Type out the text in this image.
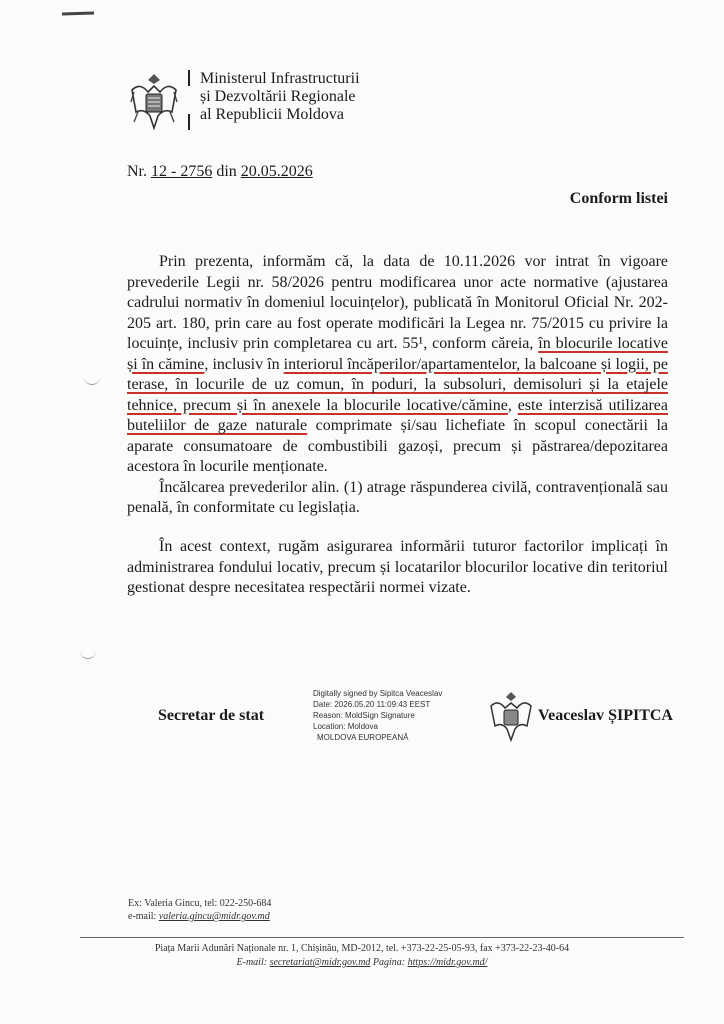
Ministerul Infrastructurii
și Dezvoltării Regionale
al Republicii Moldova
Nr. 12 - 2756 din 20.05.2026
Conform listei

Prin prezenta, informăm că, la data de 10.11.2026 vor intrat în vigoare prevederile Legii nr. 58/2026 pentru modificarea unor acte normative (ajustarea cadrului normativ în domeniul locuințelor), publicată în Monitorul Oficial Nr. 202-205 art. 180, prin care au fost operate modificări la Legea nr. 75/2015 cu privire la locuințe, inclusiv prin completarea cu art. 55¹, conform căreia, în blocurile locative și în cămine, inclusiv în interiorul încăperilor/apartamentelor, la balcoane și logii, pe terase, în locurile de uz comun, în poduri, la subsoluri, demisoluri și la etajele tehnice, precum și în anexele la blocurile locative/cămine, este interzisă utilizarea buteliilor de gaze naturale comprimate și/sau lichefiate în scopul conectării la aparate consumatoare de combustibili gazoși, precum și păstrarea/depozitarea acestora în locurile menționate.

Încălcarea prevederilor alin. (1) atrage răspunderea civilă, contravențională sau penală, în conformitate cu legislația.

În acest context, rugăm asigurarea informării tuturor factorilor implicați în administrarea fondului locativ, precum și locatarilor blocurilor locative din teritoriul gestionat despre necesitatea respectării normei vizate.

Secretar de stat
Digitally signed by Sipitca Veaceslav
Date: 2026.05.20 11:09:43 EEST
Reason: MoldSign Signature
Location: Moldova
MOLDOVA EUROPEANĂ
Veaceslav ȘIPITCA
Ex: Valeria Gincu, tel: 022-250-684
e-mail: valeria.gincu@midr.gov.md
Piața Marii Adunări Naționale nr. 1, Chișinău, MD-2012, tel. +373-22-25-05-93, fax +373-22-23-40-64
E-mail: secretariat@midr.gov.md Pagina: https://midr.gov.md/
